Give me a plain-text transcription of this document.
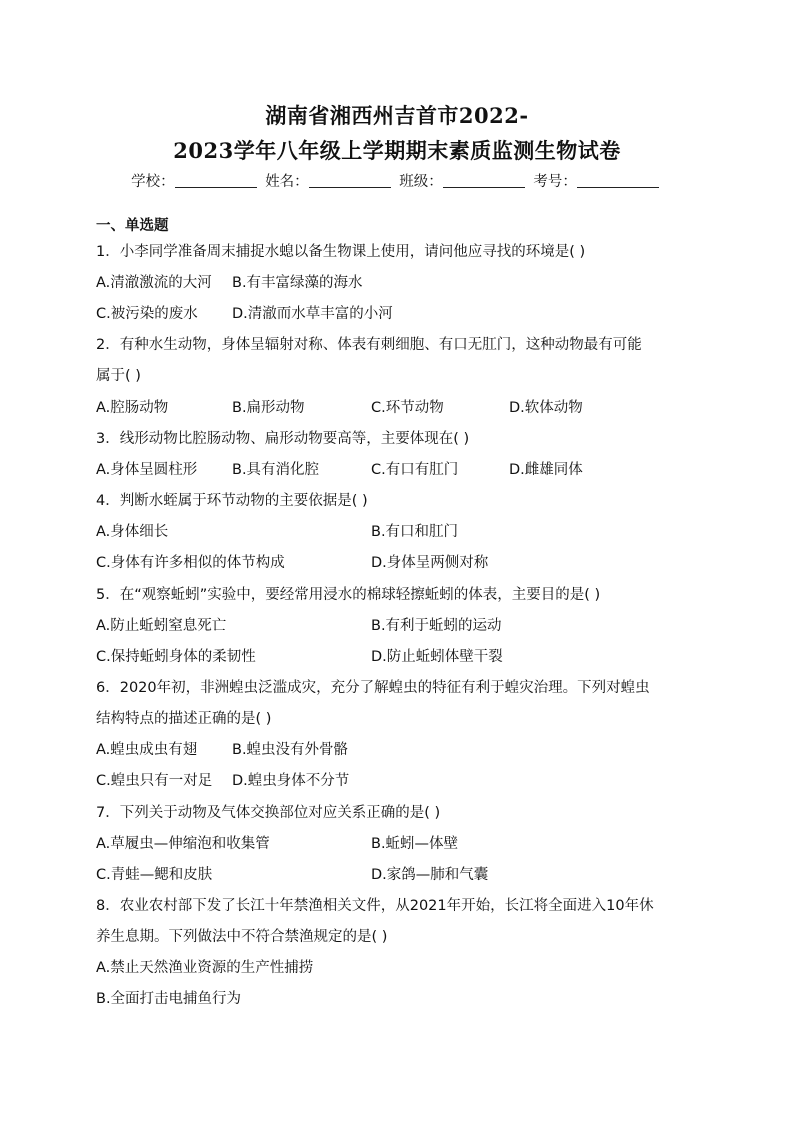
湖南省湘西州吉首市2022-
2023学年八年级上学期期末素质监测生物试卷
学校：	姓名：	班级：	考号：
一、单选题
1．小李同学准备周末捕捉水螅以备生物课上使用，请问他应寻找的环境是( )
A.清澈激流的大河 B.有丰富绿藻的海水
C.被污染的废水 D.清澈而水草丰富的小河
2．有种水生动物，身体呈辐射对称、体表有刺细胞、有口无肛门，这种动物最有可能
属于( )
A.腔肠动物	B.扁形动物	C.环节动物	D.软体动物
3．线形动物比腔肠动物、扁形动物要高等，主要体现在( )
A.身体呈圆柱形 B.具有消化腔	C.有口有肛门	D.雌雄同体
4．判断水蛭属于环节动物的主要依据是( )
A.身体细长	B.有口和肛门
C.身体有许多相似的体节构成	D.身体呈两侧对称
5．在“观察蚯蚓”实验中，要经常用浸水的棉球轻擦蚯蚓的体表，主要目的是( )
A.防止蚯蚓窒息死亡	B.有利于蚯蚓的运动
C.保持蚯蚓身体的柔韧性	D.防止蚯蚓体壁干裂
6．2020年初，非洲蝗虫泛滥成灾，充分了解蝗虫的特征有利于蝗灾治理。下列对蝗虫
结构特点的描述正确的是( )
A.蝗虫成虫有翅 B.蝗虫没有外骨骼
C.蝗虫只有一对足 D.蝗虫身体不分节
7．下列关于动物及气体交换部位对应关系正确的是( )
A.草履虫—伸缩泡和收集管	B.蚯蚓—体壁
C.青蛙—鳃和皮肤	D.家鸽—肺和气囊
8．农业农村部下发了长江十年禁渔相关文件，从2021年开始，长江将全面进入10年休
养生息期。下列做法中不符合禁渔规定的是( )
A.禁止天然渔业资源的生产性捕捞
B.全面打击电捕鱼行为
